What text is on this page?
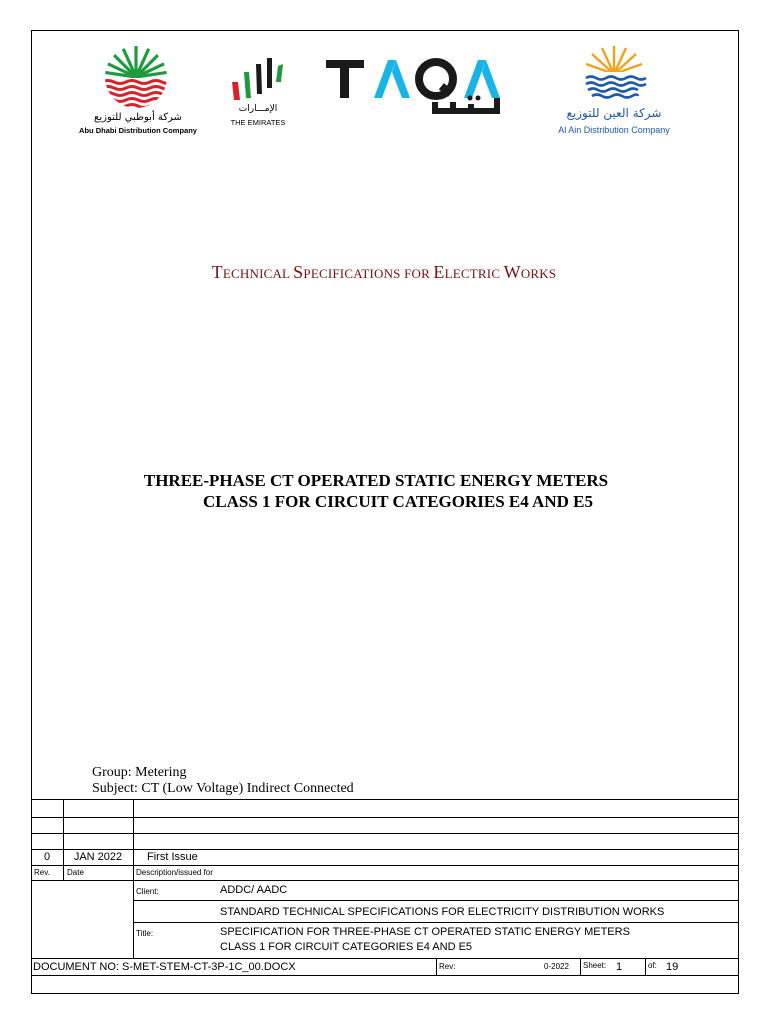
شركة أبوظبي للتوزيع
Abu Dhabi Distribution Company
الإمـــارات
THE EMIRATES
شركة العين للتوزيع
Al Ain Distribution Company
TECHNICAL SPECIFICATIONS FOR ELECTRIC WORKS
THREE-PHASE CT OPERATED STATIC ENERGY METERS
CLASS 1 FOR CIRCUIT CATEGORIES E4 AND E5
Group: Metering
Subject: CT (Low Voltage) Indirect Connected
0	JAN 2022	First Issue
Rev. Date	Description/issued for
Client:	ADDC/ AADC
STANDARD TECHNICAL SPECIFICATIONS FOR ELECTRICITY DISTRIBUTION WORKS
Title:	SPECIFICATION FOR THREE-PHASE CT OPERATED STATIC ENERGY METERS
CLASS 1 FOR CIRCUIT CATEGORIES E4 AND E5
DOCUMENT NO: S-MET-STEM-CT-3P-1C_00.DOCX	Rev:	0-2022 Sheet: 1	of: 19
